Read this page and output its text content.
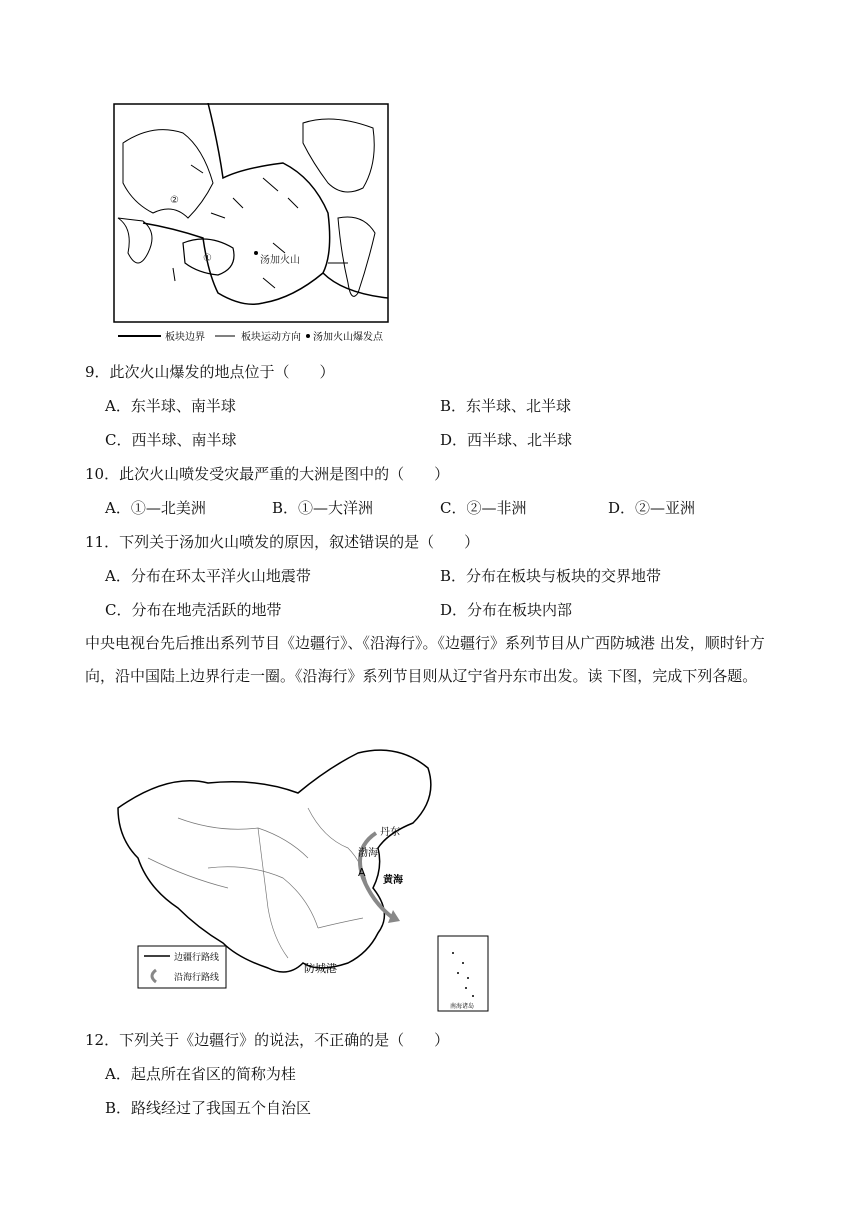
汤加火山
①
②
板块边界	板块运动方向 汤加火山爆发点
9．此次火山爆发的地点位于（　　）
A．东半球、南半球	B．东半球、北半球
C．西半球、南半球	D．西半球、北半球
10．此次火山喷发受灾最严重的大洲是图中的（　　）
A．①—北美洲	B．①—大洋洲	C．②—非洲	D．②—亚洲
11．下列关于汤加火山喷发的原因，叙述错误的是（　　）
A．分布在环太平洋火山地震带	B．分布在板块与板块的交界地带
C．分布在地壳活跃的地带	D．分布在板块内部
中央电视台先后推出系列节目《边疆行》、《沿海行》。《边疆行》系列节目从广西防城港 出发，顺时针方向，沿中国陆上边界行走一圈。《沿海行》系列节目则从辽宁省丹东市出发。读 下图，完成下列各题。
丹东
渤海
黄海
A
防城港
边疆行路线
沿海行路线
南海诸岛
12．下列关于《边疆行》的说法，不正确的是（　　）
A．起点所在省区的简称为桂
B．路线经过了我国五个自治区
